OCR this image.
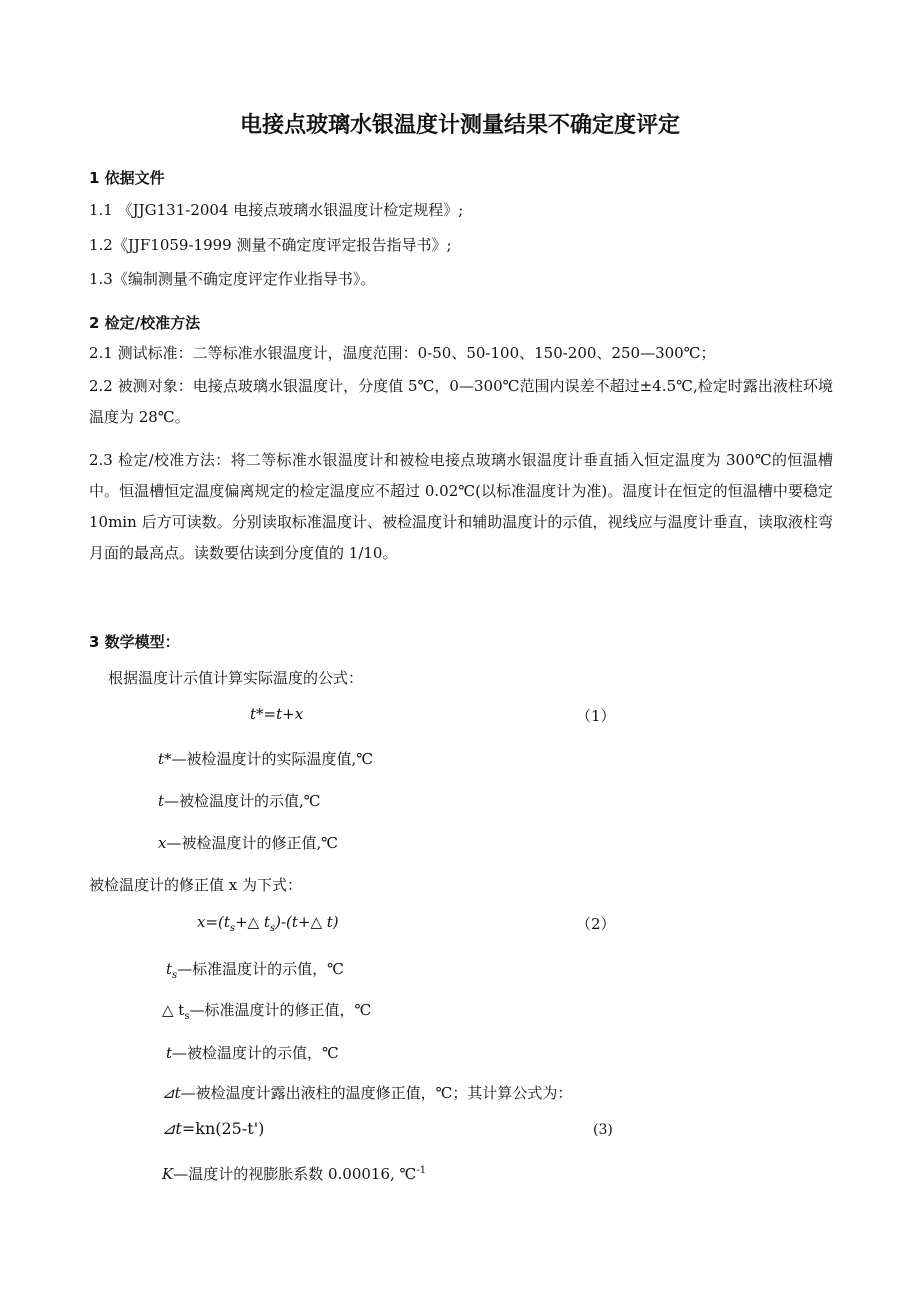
电接点玻璃水银温度计测量结果不确定度评定
1 依据文件
1.1 《JJG131-2004 电接点玻璃水银温度计检定规程》;
1.2《JJF1059-1999 测量不确定度评定报告指导书》;
1.3《编制测量不确定度评定作业指导书》。
2 检定/校准方法
2.1 测试标准：二等标准水银温度计，温度范围：0-50、50-100、150-200、250—300℃；
2.2 被测对象：电接点玻璃水银温度计，分度值 5℃，0—300℃范围内误差不超过±4.5℃,检定时露出液柱环境温度为 28℃。
2.3 检定/校准方法：将二等标准水银温度计和被检电接点玻璃水银温度计垂直插入恒定温度为 300℃的恒温槽中。恒温槽恒定温度偏离规定的检定温度应不超过 0.02℃(以标准温度计为准)。温度计在恒定的恒温槽中要稳定 10min 后方可读数。分别读取标准温度计、被检温度计和辅助温度计的示值，视线应与温度计垂直，读取液柱弯月面的最高点。读数要估读到分度值的 1/10。
3 数学模型：
根据温度计示值计算实际温度的公式：
t*=t+x	（1）
t*—被检温度计的实际温度值,℃
t—被检温度计的示值,℃
x—被检温度计的修正值,℃
被检温度计的修正值 x 为下式：
$x=(t_s+\triangle$ $t_s)-(t+\triangle$ t)	（2）
$t_s—$标准温度计的示值，℃
△ $t_s—$标准温度计的修正值，℃
t—被检温度计的示值，℃
⊿t—被检温度计露出液柱的温度修正值，℃；其计算公式为：
⊿t=kn(25-t')	(3)
K—温度计的视膨胀系数 0.00016, ℃$^{-1}$
